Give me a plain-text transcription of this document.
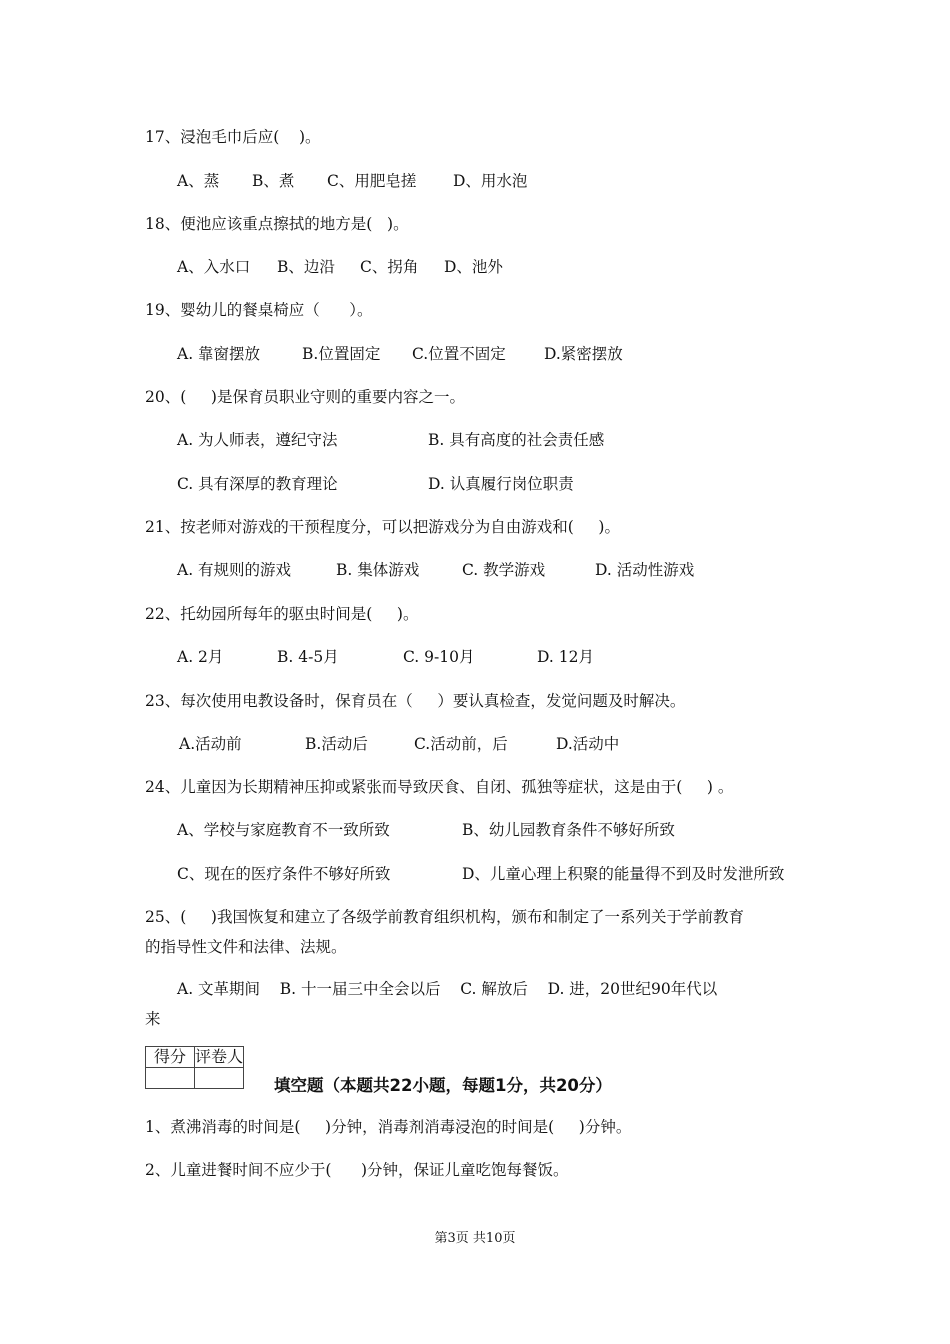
17、浸泡毛巾后应(    )。
A、蒸 B、煮 C、用肥皂搓 D、用水泡
18、便池应该重点擦拭的地方是(   )。
A、入水口 B、边沿 C、拐角 D、池外
19、婴幼儿的餐桌椅应（      ）。
A. 靠窗摆放	B.位置固定 C.位置不固定 D.紧密摆放
20、(     )是保育员职业守则的重要内容之一。
A. 为人师表，遵纪守法	B. 具有高度的社会责任感
C. 具有深厚的教育理论	D. 认真履行岗位职责
21、按老师对游戏的干预程度分，可以把游戏分为自由游戏和(     )。
A. 有规则的游戏	B. 集体游戏	C. 教学游戏	D. 活动性游戏
22、托幼园所每年的驱虫时间是(     )。
A. 2月	B. 4-5月	C. 9-10月	D. 12月
23、每次使用电教设备时，保育员在（     ）要认真检查，发觉问题及时解决。
A.活动前	B.活动后	C.活动前，后	D.活动中
24、儿童因为长期精神压抑或紧张而导致厌食、自闭、孤独等症状，这是由于(     ) 。
A、学校与家庭教育不一致所致	B、幼儿园教育条件不够好所致
C、现在的医疗条件不够好所致	D、儿童心理上积聚的能量得不到及时发泄所致
25、(     )我国恢复和建立了各级学前教育组织机构，颁布和制定了一系列关于学前教育
的指导性文件和法律、法规。
A. 文革期间    B. 十一届三中全会以后    C. 解放后    D. 进，20世纪90年代以
来
得分	评卷人

填空题（本题共22小题，每题1分，共20分）
1、煮沸消毒的时间是(     )分钟，消毒剂消毒浸泡的时间是(     )分钟。
2、儿童进餐时间不应少于(      )分钟，保证儿童吃饱每餐饭。
第3页 共10页
